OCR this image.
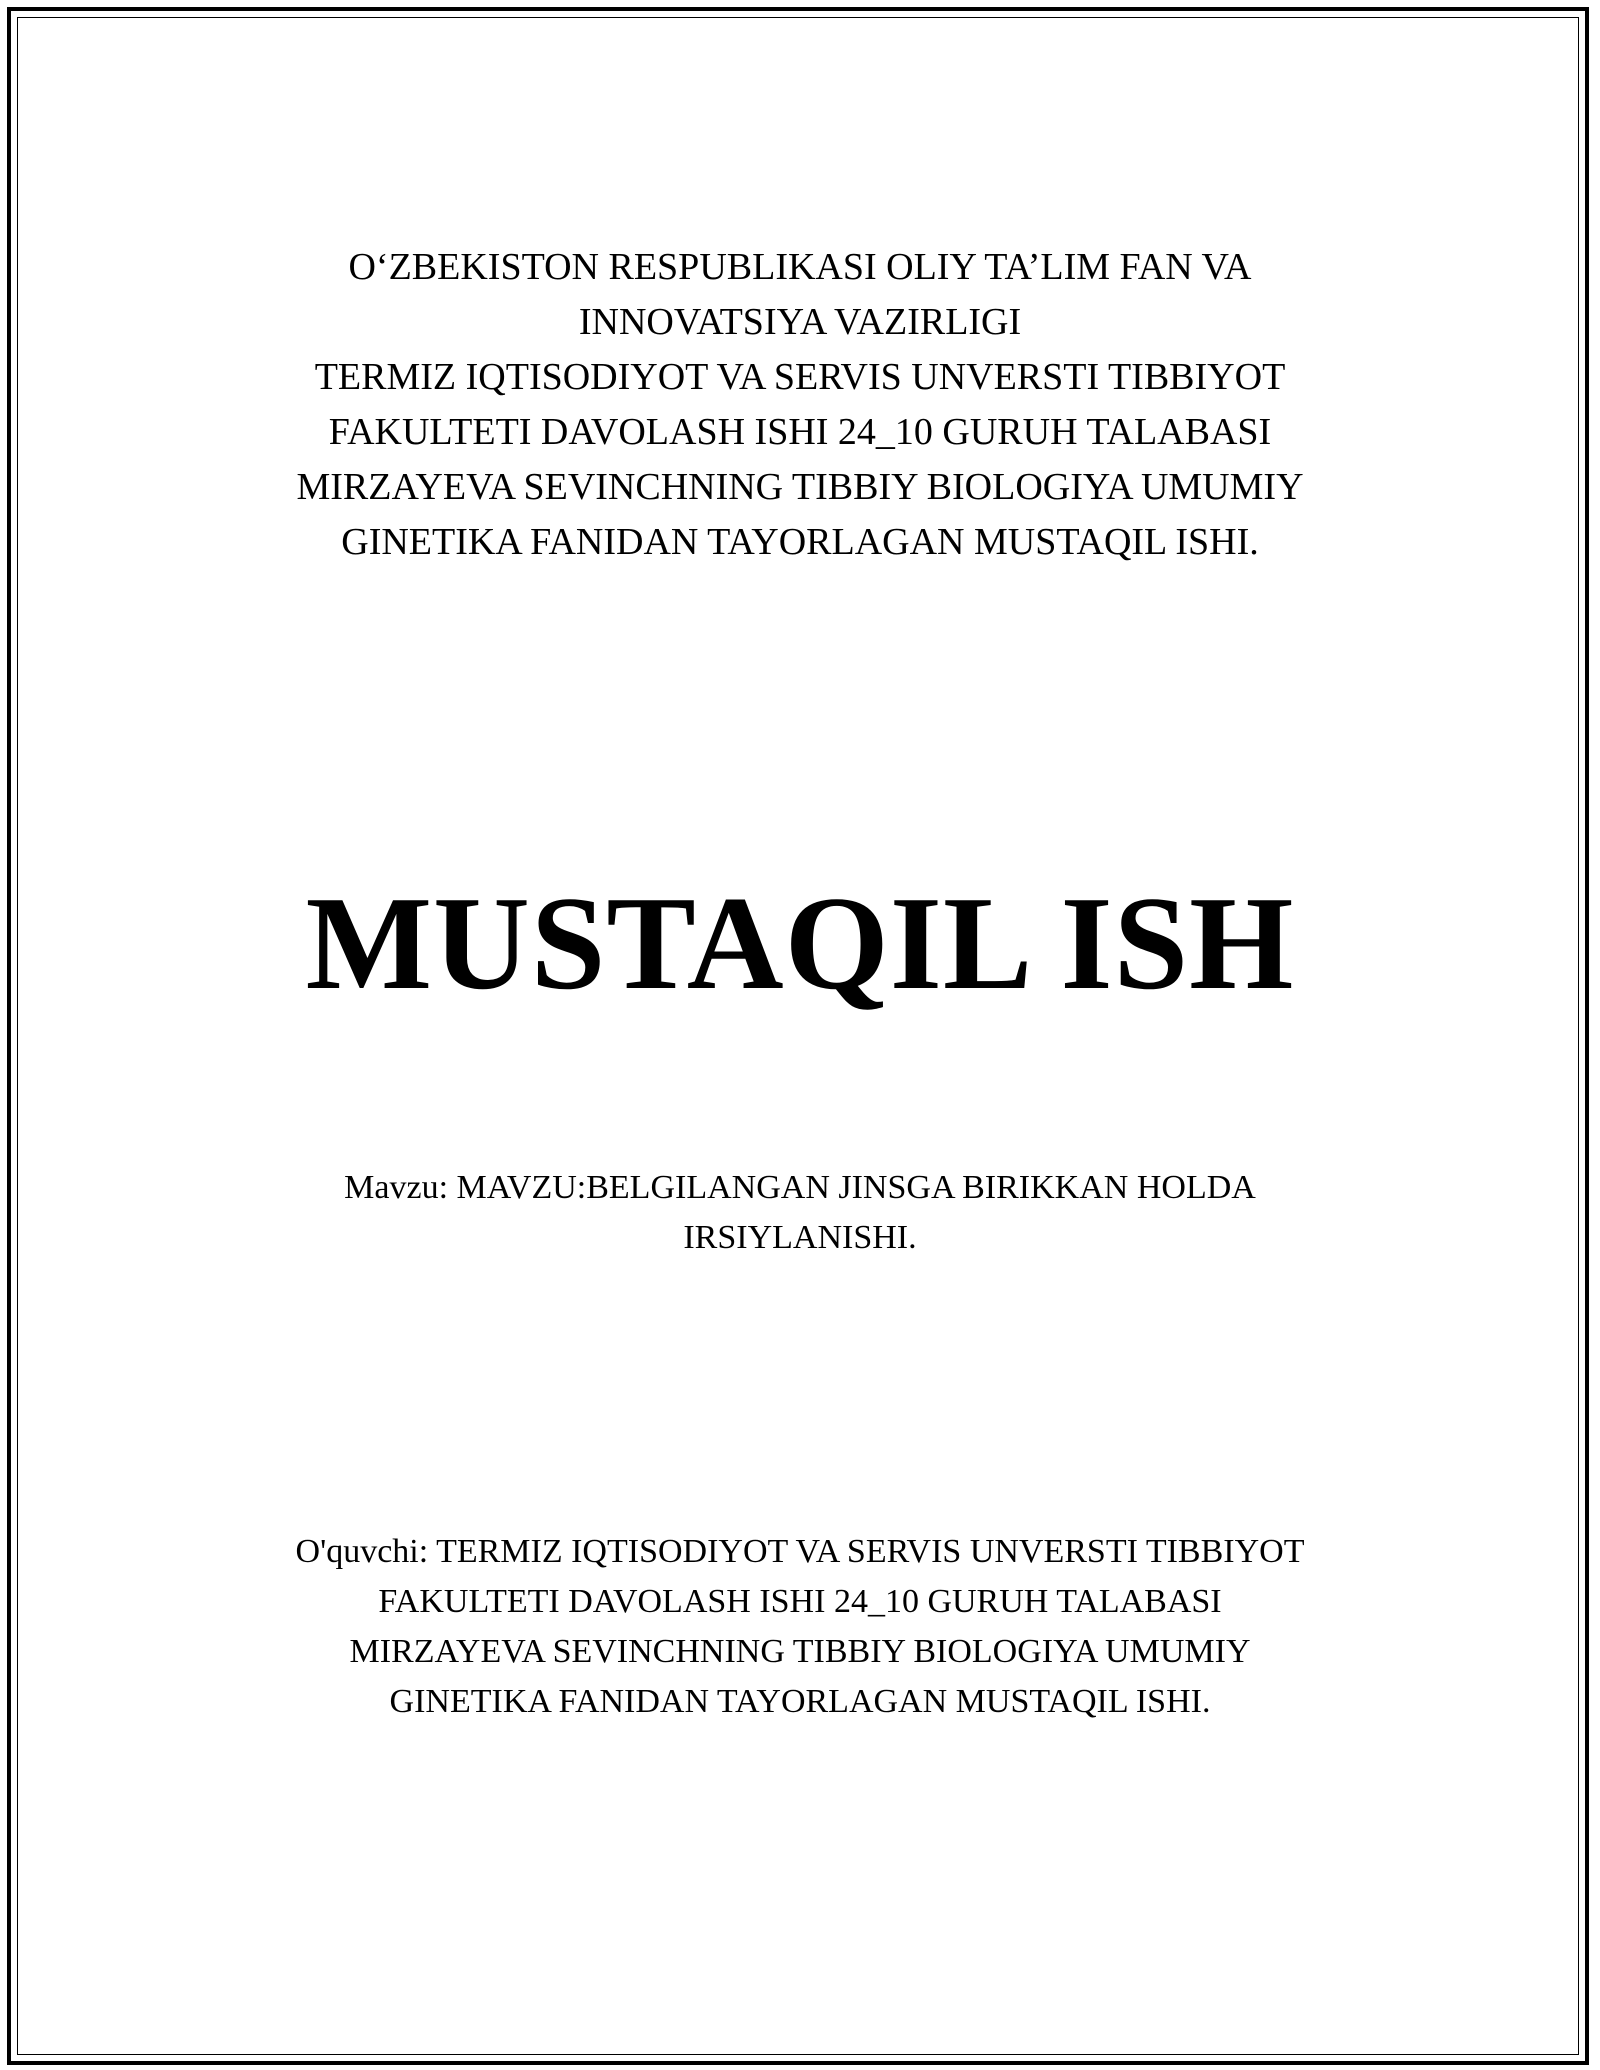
O‘ZBEKISTON RESPUBLIKASI OLIY TA’LIM FAN VA
INNOVATSIYA VAZIRLIGI
TERMIZ IQTISODIYOT VA SERVIS UNVERSTI TIBBIYOT
FAKULTETI DAVOLASH ISHI 24_10 GURUH TALABASI
MIRZAYEVA SEVINCHNING TIBBIY BIOLOGIYA UMUMIY
GINETIKA FANIDAN TAYORLAGAN MUSTAQIL ISHI.
MUSTAQIL ISH
Mavzu: MAVZU:BELGILANGAN JINSGA BIRIKKAN HOLDA
IRSIYLANISHI.
O'quvchi: TERMIZ IQTISODIYOT VA SERVIS UNVERSTI TIBBIYOT
FAKULTETI DAVOLASH ISHI 24_10 GURUH TALABASI
MIRZAYEVA SEVINCHNING TIBBIY BIOLOGIYA UMUMIY
GINETIKA FANIDAN TAYORLAGAN MUSTAQIL ISHI.
